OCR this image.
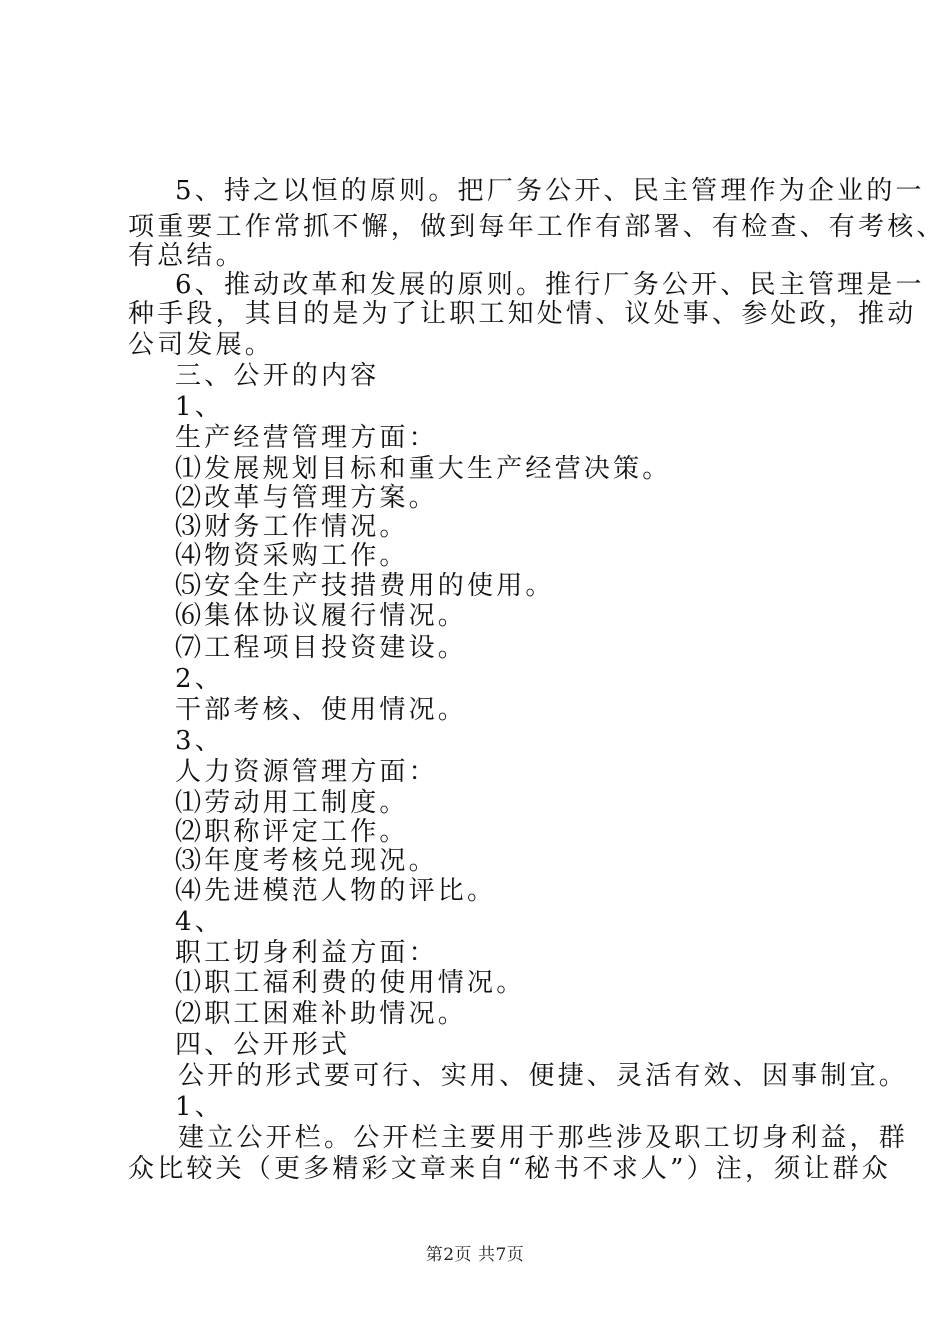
5、持之以恒的原则。把厂务公开、民主管理作为企业的一
项重要工作常抓不懈，做到每年工作有部署、有检查、有考核、
有总结。
6、推动改革和发展的原则。推行厂务公开、民主管理是一
种手段，其目的是为了让职工知处情、议处事、参处政，推动
公司发展。
三、公开的内容
1、
生产经营管理方面：
⑴发展规划目标和重大生产经营决策。
⑵改革与管理方案。
⑶财务工作情况。
⑷物资采购工作。
⑸安全生产技措费用的使用。
⑹集体协议履行情况。
⑺工程项目投资建设。
2、
干部考核、使用情况。
3、
人力资源管理方面：
⑴劳动用工制度。
⑵职称评定工作。
⑶年度考核兑现况。
⑷先进模范人物的评比。
4、
职工切身利益方面：
⑴职工福利费的使用情况。
⑵职工困难补助情况。
四、公开形式
公开的形式要可行、实用、便捷、灵活有效、因事制宜。
1、
建立公开栏。公开栏主要用于那些涉及职工切身利益，群
众比较关（更多精彩文章来自“秘书不求人”）注，须让群众
第2页 共7页
